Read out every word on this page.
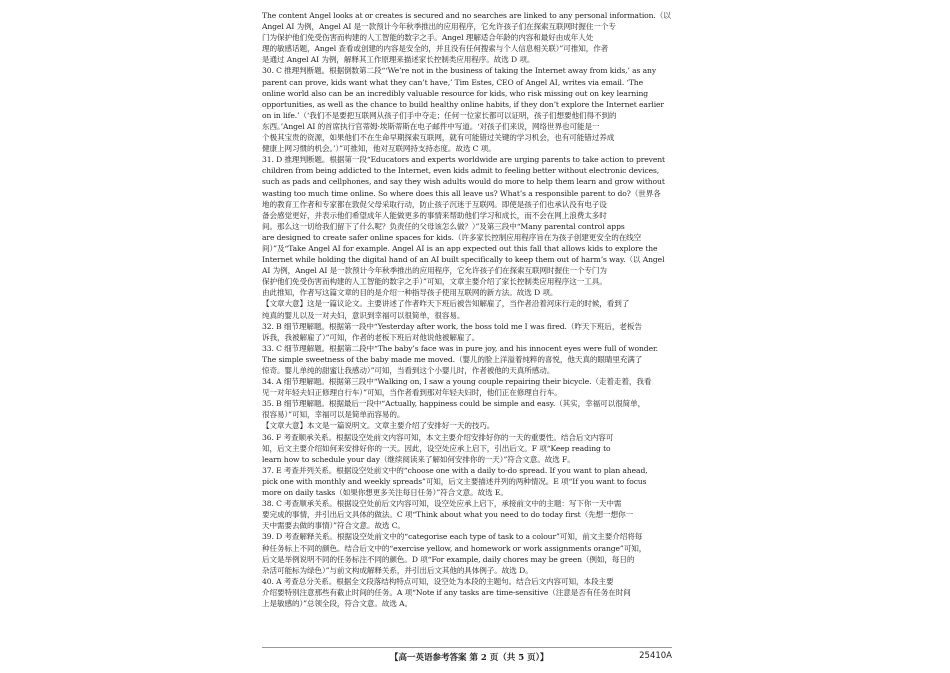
The content Angel looks at or creates is secured and no searches are linked to any personal information.（以
Angel AI 为例，Angel AI 是一款预计今年秋季推出的应用程序，它允许孩子们在探索互联网时握住一个专
门为保护他们免受伤害而构建的人工智能的数字之手。Angel 理解适合年龄的内容和最好由成年人处
理的敏感话题，Angel 查看或创建的内容是安全的，并且没有任何搜索与个人信息相关联）”可推知，作者
是通过 Angel AI 为例，解释其工作原理来描述家长控制类应用程序。故选 D 项。
30. C 推理判断题。根据倒数第二段“‘We’re not in the business of taking the Internet away from kids,’ as any
parent can prove, kids want what they can’t have,’ Tim Estes, CEO of Angel AI, writes via email. ‘The
online world also can be an incredibly valuable resource for kids, who risk missing out on key learning
opportunities, as well as the chance to build healthy online habits, if they don’t explore the Internet earlier
on in life.’（‘我们不是要把互联网从孩子们手中夺走；任何一位家长都可以证明，孩子们想要他们得不到的
东西。’Angel AI 的首席执行官蒂姆·埃斯蒂斯在电子邮件中写道。‘对孩子们来说，网络世界也可能是一
个极其宝贵的资源，如果他们不在生命早期探索互联网，就有可能错过关键的学习机会，也有可能错过养成
健康上网习惯的机会。’）”可推知，他对互联网持支持态度。故选 C 项。
31. D 推理判断题。根据第一段“Educators and experts worldwide are urging parents to take action to prevent
children from being addicted to the Internet, even kids admit to feeling better without electronic devices,
such as pads and cellphones, and say they wish adults would do more to help them learn and grow without
wasting too much time online. So where does this all leave us? What’s a responsible parent to do?（世界各
地的教育工作者和专家都在敦促父母采取行动，防止孩子沉迷于互联网。即使是孩子们也承认没有电子设
备会感觉更好，并表示他们希望成年人能做更多的事情来帮助他们学习和成长，而不会在网上浪费太多时
间。那么这一切给我们留下了什么呢？负责任的父母该怎么做？）”及第三段中“Many parental control apps
are designed to create safer online spaces for kids.（许多家长控制应用程序旨在为孩子创建更安全的在线空
间）”及“Take Angel AI for example. Angel AI is an app expected out this fall that allows kids to explore the
Internet while holding the digital hand of an AI built specifically to keep them out of harm’s way.（以 Angel
AI 为例，Angel AI 是一款预计今年秋季推出的应用程序，它允许孩子们在探索互联网时握住一个专门为
保护他们免受伤害而构建的人工智能的数字之手）”可知，文章主要介绍了家长控制类应用程序这一工具。
由此推知，作者写这篇文章的目的是介绍一种指导孩子使用互联网的新方法。故选 D 项。
【文章大意】这是一篇议论文。主要讲述了作者昨天下班后被告知解雇了，当作者沿着河床行走的时候，看到了
纯真的婴儿以及一对夫妇，意识到幸福可以很简单，很容易。
32. B 细节理解题。根据第一段中“Yesterday after work, the boss told me I was fired.（昨天下班后，老板告
诉我，我被解雇了）”可知，作者的老板下班后对他说他被解雇了。
33. C 细节理解题。根据第二段中“The baby’s face was in pure joy, and his innocent eyes were full of wonder.
The simple sweetness of the baby made me moved.（婴儿的脸上洋溢着纯粹的喜悦，他天真的眼睛里充满了
惊奇。婴儿单纯的甜蜜让我感动）”可知，当看到这个小婴儿时，作者被他的天真所感动。
34. A 细节理解题。根据第三段中“Walking on, I saw a young couple repairing their bicycle.（走着走着，我看
见一对年轻夫妇正修理自行车）”可知，当作者看到那对年轻夫妇时，他们正在修理自行车。
35. B 细节理解题。根据最后一段中“Actually, happiness could be simple and easy.（其实，幸福可以很简单，
很容易）”可知，幸福可以是简单而容易的。
【文章大意】本文是一篇说明文。文章主要介绍了安排好一天的技巧。
36. F 考查顺承关系。根据设空处前文内容可知，本文主要介绍安排好你的一天的重要性。结合后文内容可
知，后文主要介绍如何来安排好你的一天。因此，设空处应承上启下，引出后文。F 项“Keep reading to
learn how to schedule your day（继续阅读来了解如何安排你的一天）”符合文意。故选 F。
37. E 考查并列关系。根据设空处前文中的“choose one with a daily to-do spread. If you want to plan ahead,
pick one with monthly and weekly spreads”可知，后文主要描述并列的两种情况。E 项“If you want to focus
more on daily tasks（如果你想更多关注每日任务）”符合文意。故选 E。
38. C 考查顺承关系。根据设空处前后文内容可知，设空处应承上启下，承接前文中的主题：写下你一天中需
要完成的事情，并引出后文具体的做法。C 项“Think about what you need to do today first（先想一想你一
天中需要去做的事情）”符合文意。故选 C。
39. D 考查解释关系。根据设空处前文中的“categorise each type of task to a colour”可知，前文主要介绍将每
种任务标上不同的颜色。结合后文中的“exercise yellow, and homework or work assignments orange”可知，
后文是举例说明不同的任务标注不同的颜色。D 项“For example, daily chores may be green（例如，每日的
杂活可能标为绿色）”与前文构成解释关系，并引出后文其他的具体例子。故选 D。
40. A 考查总分关系。根据全文段落结构特点可知，设空处为本段的主题句。结合后文内容可知，本段主要
介绍要特别注意那些有截止时间的任务。A 项“Note if any tasks are time-sensitive（注意是否有任务在时间
上是敏感的）”总领全段，符合文意。故选 A。
【高一英语参考答案 第 2 页（共 5 页）】	25410A
